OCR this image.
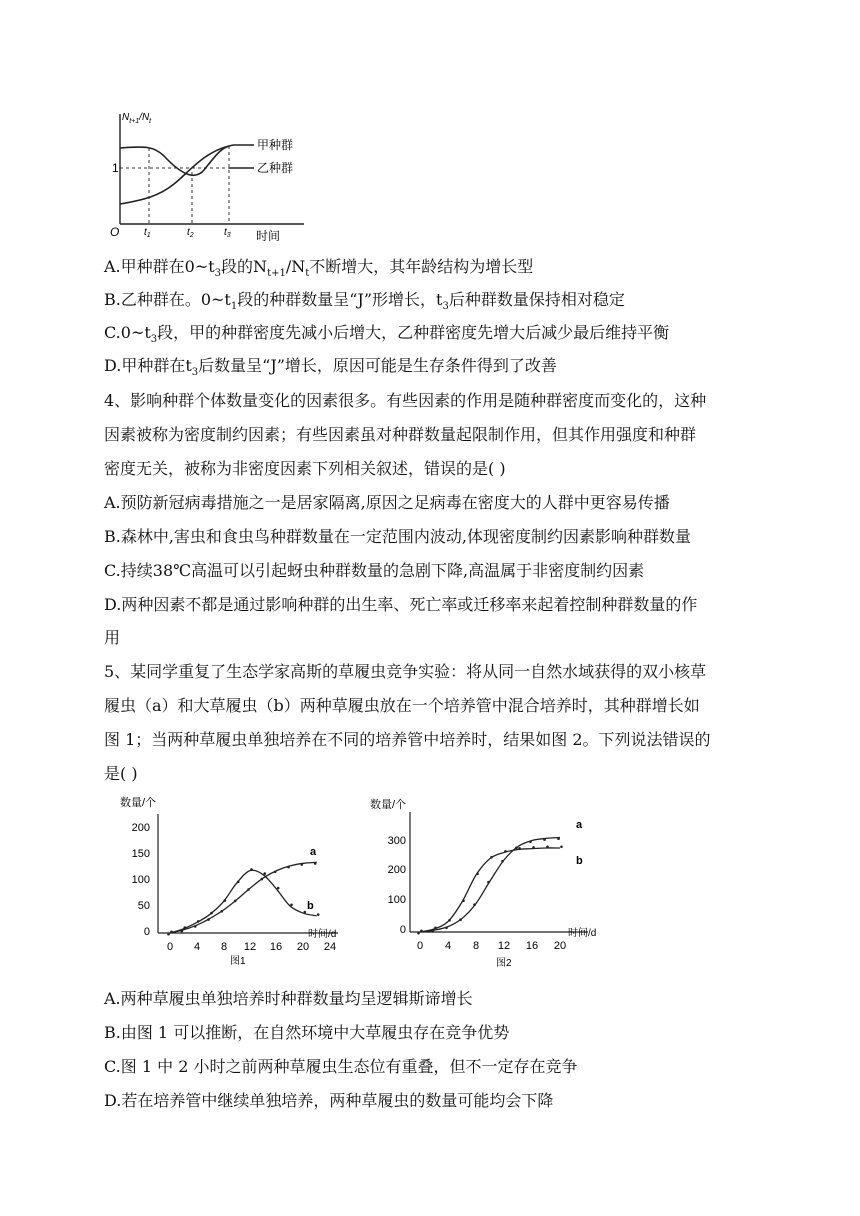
$N_{t+1}/N_t$
1
甲种群
乙种群
O $t_1$	$t_2$	$t_3$ 时间
A.甲种群在$0\sim t_3$段的$N_{t+1}/N_t$不断增大，其年龄结构为增长型
B.乙种群在。$0\sim t_1$段的种群数量呈“J”形增长，$t_3$后种群数量保持相对稳定
$C.0\sim t_3$段，甲的种群密度先减小后增大，乙种群密度先增大后减少最后维持平衡
D.甲种群在$t_3$后数量呈“J”增长，原因可能是生存条件得到了改善
4、影响种群个体数量变化的因素很多。有些因素的作用是随种群密度而变化的，这种
因素被称为密度制约因素；有些因素虽对种群数量起限制作用，但其作用强度和种群
密度无关，被称为非密度因素下列相关叙述，错误的是( )
A.预防新冠病毒措施之一是居家隔离,原因之足病毒在密度大的人群中更容易传播
B.森林中,害虫和食虫鸟种群数量在一定范围内波动,体现密度制约因素影响种群数量
C.持续38℃高温可以引起蚜虫种群数量的急剧下降,高温属于非密度制约因素
D.两种因素不都是通过影响种群的出生率、死亡率或迁移率来起着控制种群数量的作
用
5、某同学重复了生态学家高斯的草履虫竞争实验：将从同一自然水域获得的双小核草
履虫（a）和大草履虫（b）两种草履虫放在一个培养管中混合培养时，其种群增长如
图 1；当两种草履虫单独培养在不同的培养管中培养时，结果如图 2。下列说法错误的
是( )
数量/个
200
150
100
50
0
0 4 8 12 16 20 24
时间/d
图1
a
b
数量/个
300
200
100
0
0 4 8 12 16 20
时间/d
图2
a
b
A.两种草履虫单独培养时种群数量均呈逻辑斯谛增长
B.由图 1 可以推断，在自然环境中大草履虫存在竞争优势
C.图 1 中 2 小时之前两种草履虫生态位有重叠，但不一定存在竞争
D.若在培养管中继续单独培养，两种草履虫的数量可能均会下降
